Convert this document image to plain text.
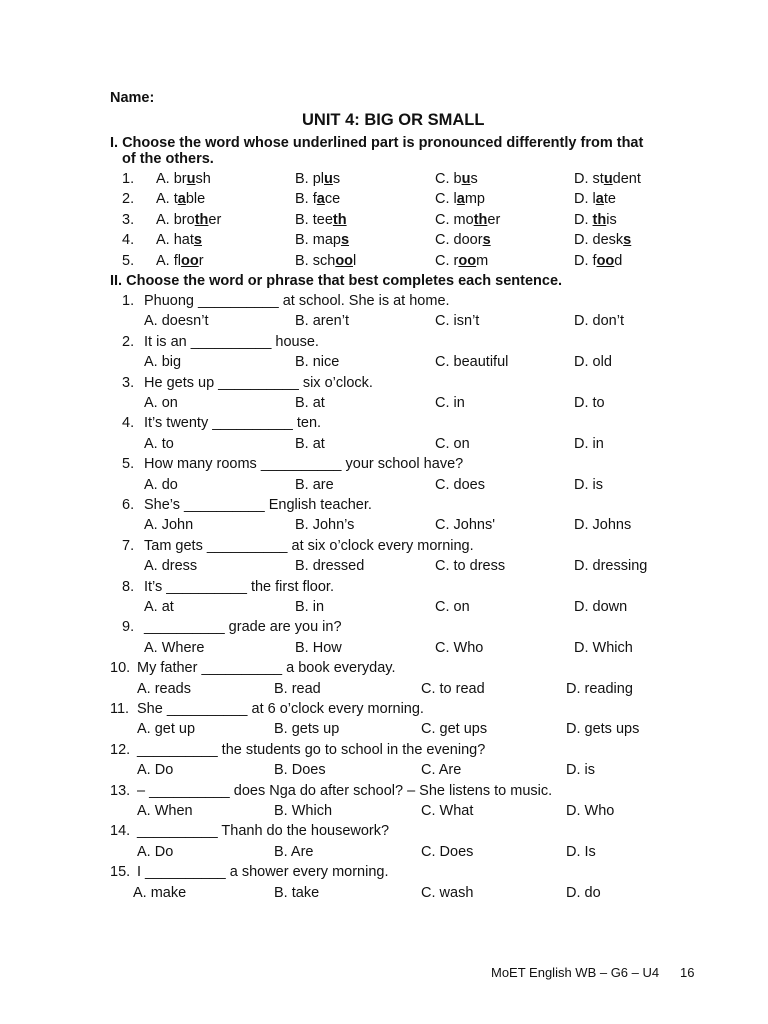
Name:
UNIT 4: BIG OR SMALL
I. Choose the word whose underlined part is pronounced differently from that
of the others.
1. A. brush	B. plus	C. bus	D. student
2. A. table	B. face	C. lamp	D. late
3. A. brother	B. teeth	C. mother	D. this
4. A. hats	B. maps	C. doors	D. desks
5. A. floor	B. school	C. room	D. food
II. Choose the word or phrase that best completes each sentence.
1. Phuong __________ at school. She is at home.
A. doesn’t	B. aren’t	C. isn’t	D. don’t
2. It is an __________ house.
A. big	B. nice	C. beautiful	D. old
3. He gets up __________ six o’clock.
A. on	B. at	C. in	D. to
4. It’s twenty __________ ten.
A. to	B. at	C. on	D. in
5. How many rooms __________ your school have?
A. do	B. are	C. does	D. is
6. She’s __________ English teacher.
A. John	B. John’s	C. Johns'	D. Johns
7. Tam gets __________ at six o’clock every morning.
A. dress	B. dressed	C. to dress	D. dressing
8. It’s __________ the first floor.
A. at	B. in	C. on	D. down
9. __________ grade are you in?
A. Where	B. How	C. Who	D. Which
10. My father __________ a book everyday.
A. reads	B. read	C. to read	D. reading
11. She __________ at 6 o’clock every morning.
A. get up	B. gets up	C. get ups	D. gets ups
12. __________ the students go to school in the evening?
A. Do	B. Does	C. Are	D. is
13. – __________ does Nga do after school? – She listens to music.
A. When	B. Which	C. What	D. Who
14. __________ Thanh do the housework?
A. Do	B. Are	C. Does	D. Is
15. I __________ a shower every morning.
A. make	B. take	C. wash	D. do
MoET English WB – G6 – U4 16
